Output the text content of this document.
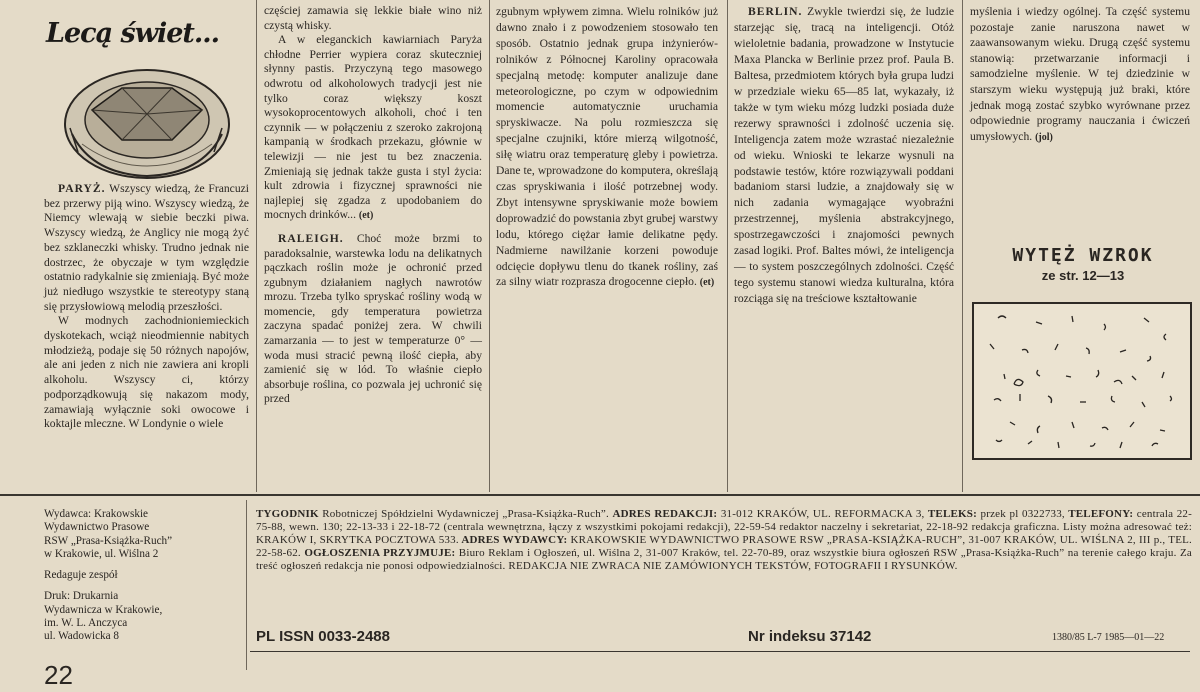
Lecą świet...

PARYŻ. Wszyscy wiedzą, że Francuzi bez przerwy piją wino. Wszyscy wiedzą, że Niemcy wlewają w siebie beczki piwa. Wszyscy wiedzą, że Anglicy nie mogą żyć bez szklaneczki whisky. Trudno jednak nie dostrzec, że obyczaje w tym względzie ostatnio radykalnie się zmieniają. Być może już niedługo wszystkie te stereotypy staną się przysłowiową melodią przeszłości.

W modnych zachodnioniemieckich dyskotekach, wciąż nieodmiennie nabitych młodzieżą, podaje się 50 różnych napojów, ale ani jeden z nich nie zawiera ani kropli alkoholu. Wszyscy ci, którzy podporządkowują się nakazom mody, zamawiają wyłącznie soki owocowe i koktajle mleczne. W Londynie o wiele

częściej zamawia się lekkie białe wino niż czystą whisky.

A w eleganckich kawiarniach Paryża chłodne Perrier wypiera coraz skuteczniej słynny pastis. Przyczyną tego masowego odwrotu od alkoholowych tradycji jest nie tylko coraz większy koszt wysokoprocentowych alkoholi, choć i ten czynnik — w połączeniu z szeroko zakrojoną kampanią w środkach przekazu, głównie w telewizji — nie jest tu bez znaczenia. Zmieniają się jednak także gusta i styl życia: kult zdrowia i fizycznej sprawności nie najlepiej się zgadza z upodobaniem do mocnych drinków... (et)

RALEIGH. Choć może brzmi to paradoksalnie, warstewka lodu na delikatnych pączkach roślin może je ochronić przed zgubnym działaniem nagłych nawrotów mrozu. Trzeba tylko spryskać rośliny wodą w momencie, gdy temperatura powietrza zaczyna spadać poniżej zera. W chwili zamarzania — to jest w temperaturze 0° — woda musi stracić pewną ilość ciepła, aby zamienić się w lód. To właśnie ciepło absorbuje roślina, co pozwala jej uchronić się przed

zgubnym wpływem zimna. Wielu rolników już dawno znało i z powodzeniem stosowało ten sposób. Ostatnio jednak grupa inżynierów-rolników z Północnej Karoliny opracowała specjalną metodę: komputer analizuje dane meteorologiczne, po czym w odpowiednim momencie automatycznie uruchamia spryskiwacze. Na polu rozmieszcza się specjalne czujniki, które mierzą wilgotność, siłę wiatru oraz temperaturę gleby i powietrza. Dane te, wprowadzone do komputera, określają czas spryskiwania i ilość potrzebnej wody. Zbyt intensywne spryskiwanie może bowiem doprowadzić do powstania zbyt grubej warstwy lodu, którego ciężar łamie delikatne pędy. Nadmierne nawilżanie korzeni powoduje odcięcie dopływu tlenu do tkanek rośliny, zaś za silny wiatr rozprasza drogocenne ciepło. (et)

BERLIN. Zwykle twierdzi się, że ludzie starzejąc się, tracą na inteligencji. Otóż wieloletnie badania, prowadzone w Instytucie Maxa Plancka w Berlinie przez prof. Paula B. Baltesa, przedmiotem których była grupa ludzi w przedziale wieku 65—85 lat, wykazały, iż także w tym wieku mózg ludzki posiada duże rezerwy sprawności i zdolność uczenia się. Inteligencja zatem może wzrastać niezależnie od wieku. Wnioski te lekarze wysnuli na podstawie testów, które rozwiązywali poddani badaniom starsi ludzie, a znajdowały się w nich zadania wymagające wyobraźni przestrzennej, myślenia abstrakcyjnego, spostrzegawczości i znajomości pewnych zasad logiki. Prof. Baltes mówi, że inteligencja — to system poszczególnych zdolności. Część tego systemu stanowi wiedza kulturalna, która rozciąga się na treściowe kształtowanie

myślenia i wiedzy ogólnej. Ta część systemu pozostaje zanie naruszona nawet w zaawansowanym wieku. Drugą część systemu stanowią: przetwarzanie informacji i samodzielne myślenie. W tej dziedzinie w starszym wieku występują już braki, które jednak mogą zostać szybko wyrównane przez odpowiednie programy nauczania i ćwiczeń umysłowych. (jol)

WYTĘŻ WZROK
ze str. 12—13
Wydawca: Krakowskie
Wydawnictwo Prasowe
RSW „Prasa-Książka-Ruch”
w Krakowie, ul. Wiślna 2
Redaguje zespół
Druk: Drukarnia
Wydawnicza w Krakowie,
im. W. L. Anczyca
ul. Wadowicka 8
TYGODNIK Robotniczej Spółdzielni Wydawniczej „Prasa-Książka-Ruch”. ADRES REDAKCJI: 31-012 KRAKÓW, UL. REFORMACKA 3, TELEKS: przek pl 0322733, TELEFONY: centrala 22-75-88, wewn. 130; 22-13-33 i 22-18-72 (centrala wewnętrzna, łączy z wszystkimi pokojami redakcji), 22-59-54 redaktor naczelny i sekretariat, 22-18-92 redakcja graficzna. Listy można adresować też: KRAKÓW I, SKRYTKA POCZTOWA 533. ADRES WYDAWCY: KRAKOWSKIE WYDAWNICTWO PRASOWE RSW „PRASA-KSIĄŻKA-RUCH”, 31-007 KRAKÓW, UL. WIŚLNA 2, III p., TEL. 22-58-62. OGŁOSZENIA PRZYJMUJE: Biuro Reklam i Ogłoszeń, ul. Wiślna 2, 31-007 Kraków, tel. 22-70-89, oraz wszystkie biura ogłoszeń RSW „Prasa-Książka-Ruch” na terenie całego kraju. Za treść ogłoszeń redakcja nie ponosi odpowiedzialności. REDAKCJA NIE ZWRACA NIE ZAMÓWIONYCH TEKSTÓW, FOTOGRAFII I RYSUNKÓW.
PL ISSN 0033-2488	Nr indeksu 37142	1380/85 L-7 1985—01—22
22
